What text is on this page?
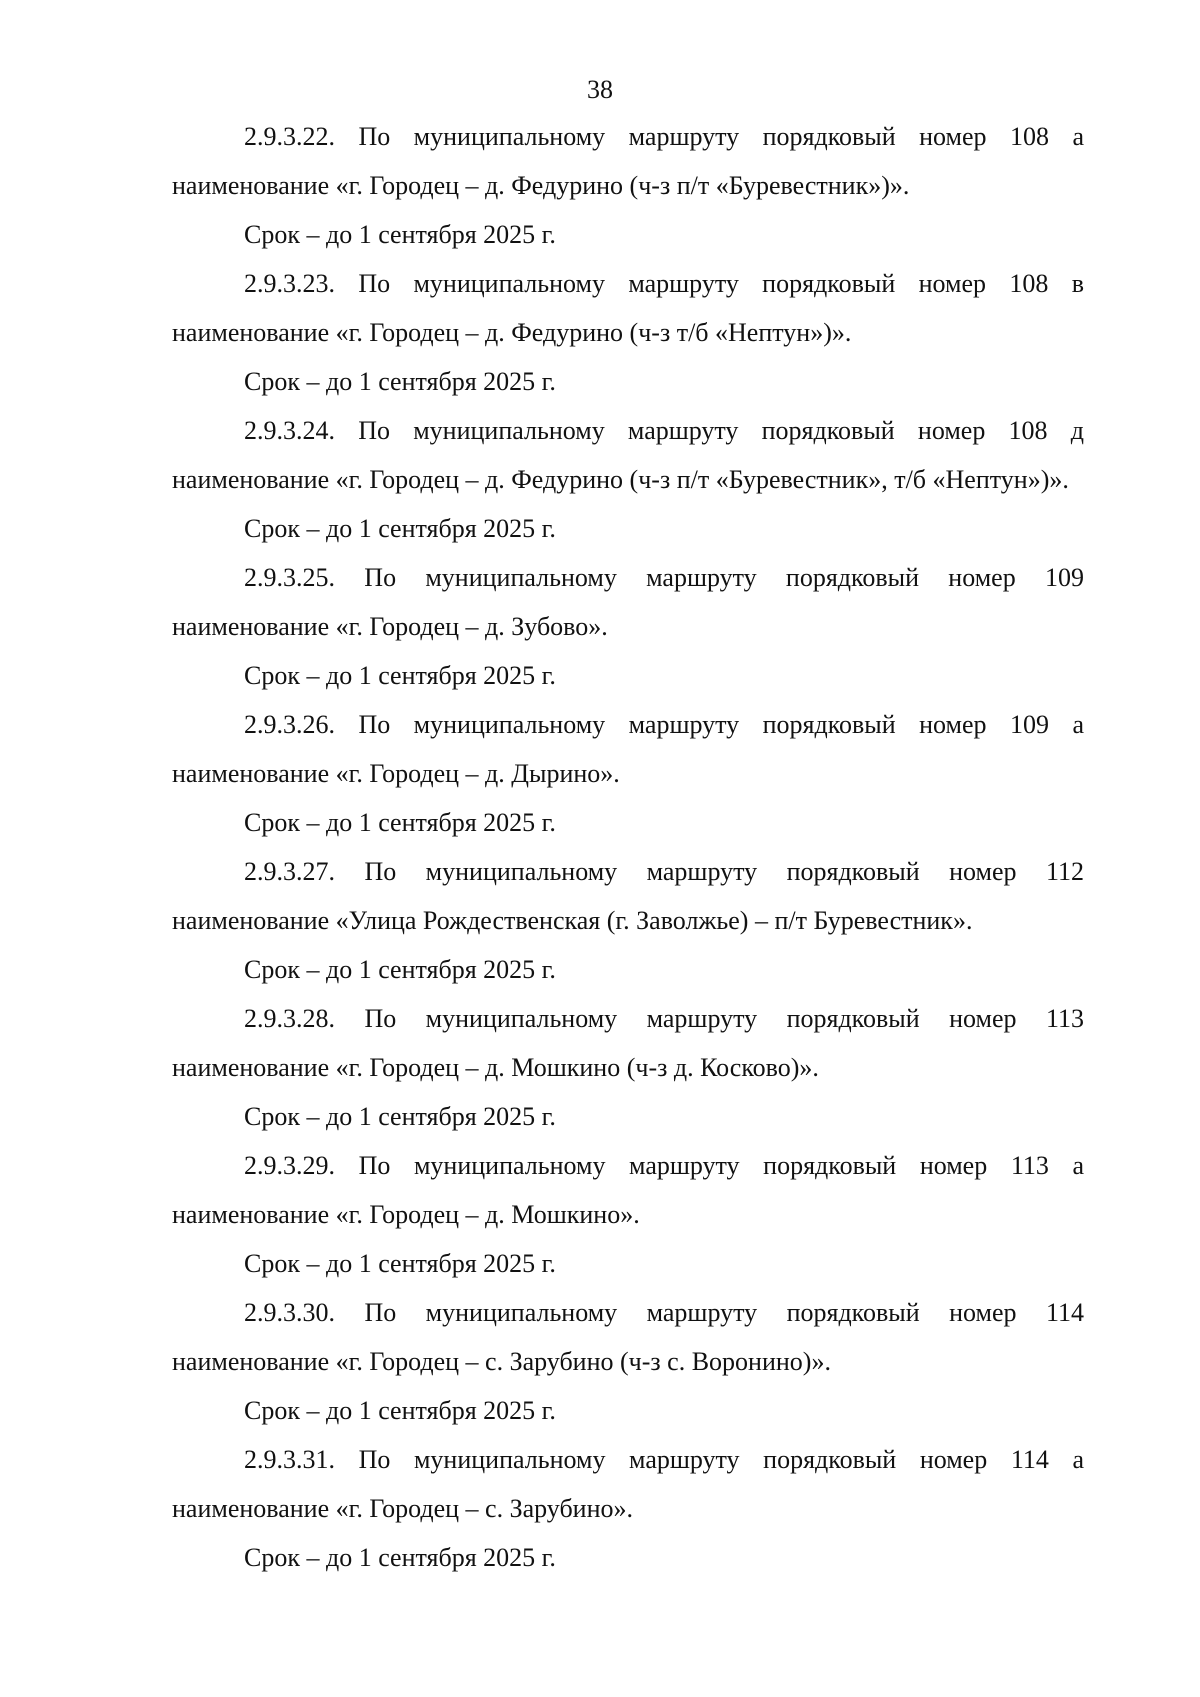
38

2.9.3.22. По муниципальному маршруту порядковый номер 108 а наименование «г. Городец – д. Федурино (ч-з п/т «Буревестник»)».

Срок – до 1 сентября 2025 г.

2.9.3.23. По муниципальному маршруту порядковый номер 108 в наименование «г. Городец – д. Федурино (ч-з т/б «Нептун»)».

Срок – до 1 сентября 2025 г.

2.9.3.24. По муниципальному маршруту порядковый номер 108 д наименование «г. Городец – д. Федурино (ч-з п/т «Буревестник», т/б «Нептун»)».

Срок – до 1 сентября 2025 г.

2.9.3.25. По муниципальному маршруту порядковый номер 109 наименование «г. Городец – д. Зубово».

Срок – до 1 сентября 2025 г.

2.9.3.26. По муниципальному маршруту порядковый номер 109 а наименование «г. Городец – д. Дырино».

Срок – до 1 сентября 2025 г.

2.9.3.27. По муниципальному маршруту порядковый номер 112 наименование «Улица Рождественская (г. Заволжье) – п/т Буревестник».

Срок – до 1 сентября 2025 г.

2.9.3.28. По муниципальному маршруту порядковый номер 113 наименование «г. Городец – д. Мошкино (ч-з д. Косково)».

Срок – до 1 сентября 2025 г.

2.9.3.29. По муниципальному маршруту порядковый номер 113 а наименование «г. Городец – д. Мошкино».

Срок – до 1 сентября 2025 г.

2.9.3.30. По муниципальному маршруту порядковый номер 114 наименование «г. Городец – с. Зарубино (ч-з с. Воронино)».

Срок – до 1 сентября 2025 г.

2.9.3.31. По муниципальному маршруту порядковый номер 114 а наименование «г. Городец – с. Зарубино».

Срок – до 1 сентября 2025 г.
